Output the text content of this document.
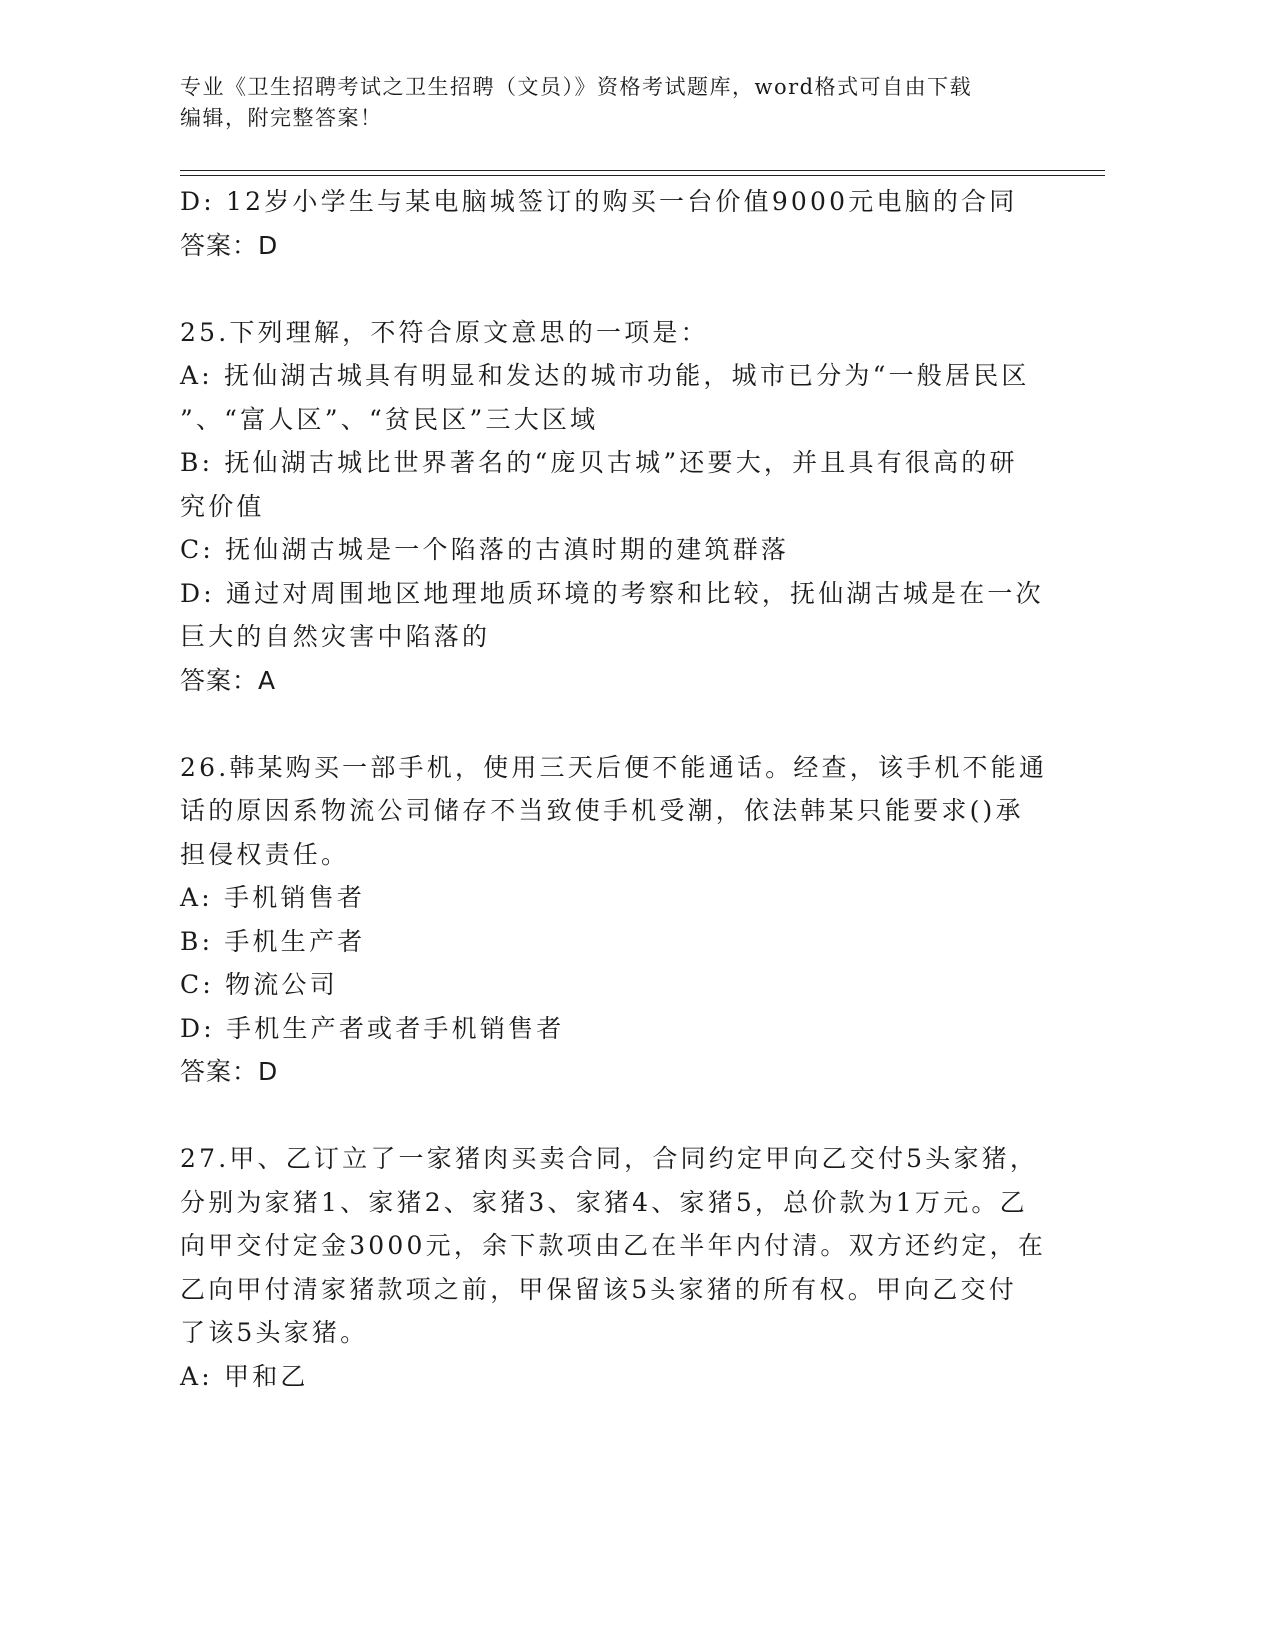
专业《卫生招聘考试之卫生招聘（文员）》资格考试题库，word格式可自由下载
编辑，附完整答案！
D: 12岁小学生与某电脑城签订的购买一台价值9000元电脑的合同
答案：D
25.下列理解，不符合原文意思的一项是：
A: 抚仙湖古城具有明显和发达的城市功能，城市已分为“一般居民区
”、“富人区”、“贫民区”三大区域
B: 抚仙湖古城比世界著名的“庞贝古城”还要大，并且具有很高的研
究价值
C: 抚仙湖古城是一个陷落的古滇时期的建筑群落
D: 通过对周围地区地理地质环境的考察和比较，抚仙湖古城是在一次
巨大的自然灾害中陷落的
答案：A
26.韩某购买一部手机，使用三天后便不能通话。经查，该手机不能通
话的原因系物流公司储存不当致使手机受潮，依法韩某只能要求()承
担侵权责任。
A: 手机销售者
B: 手机生产者
C: 物流公司
D: 手机生产者或者手机销售者
答案：D
27.甲、乙订立了一家猪肉买卖合同，合同约定甲向乙交付5头家猪，
分别为家猪1、家猪2、家猪3、家猪4、家猪5，总价款为1万元。乙
向甲交付定金3000元，余下款项由乙在半年内付清。双方还约定，在
乙向甲付清家猪款项之前，甲保留该5头家猪的所有权。甲向乙交付
了该5头家猪。
A: 甲和乙
